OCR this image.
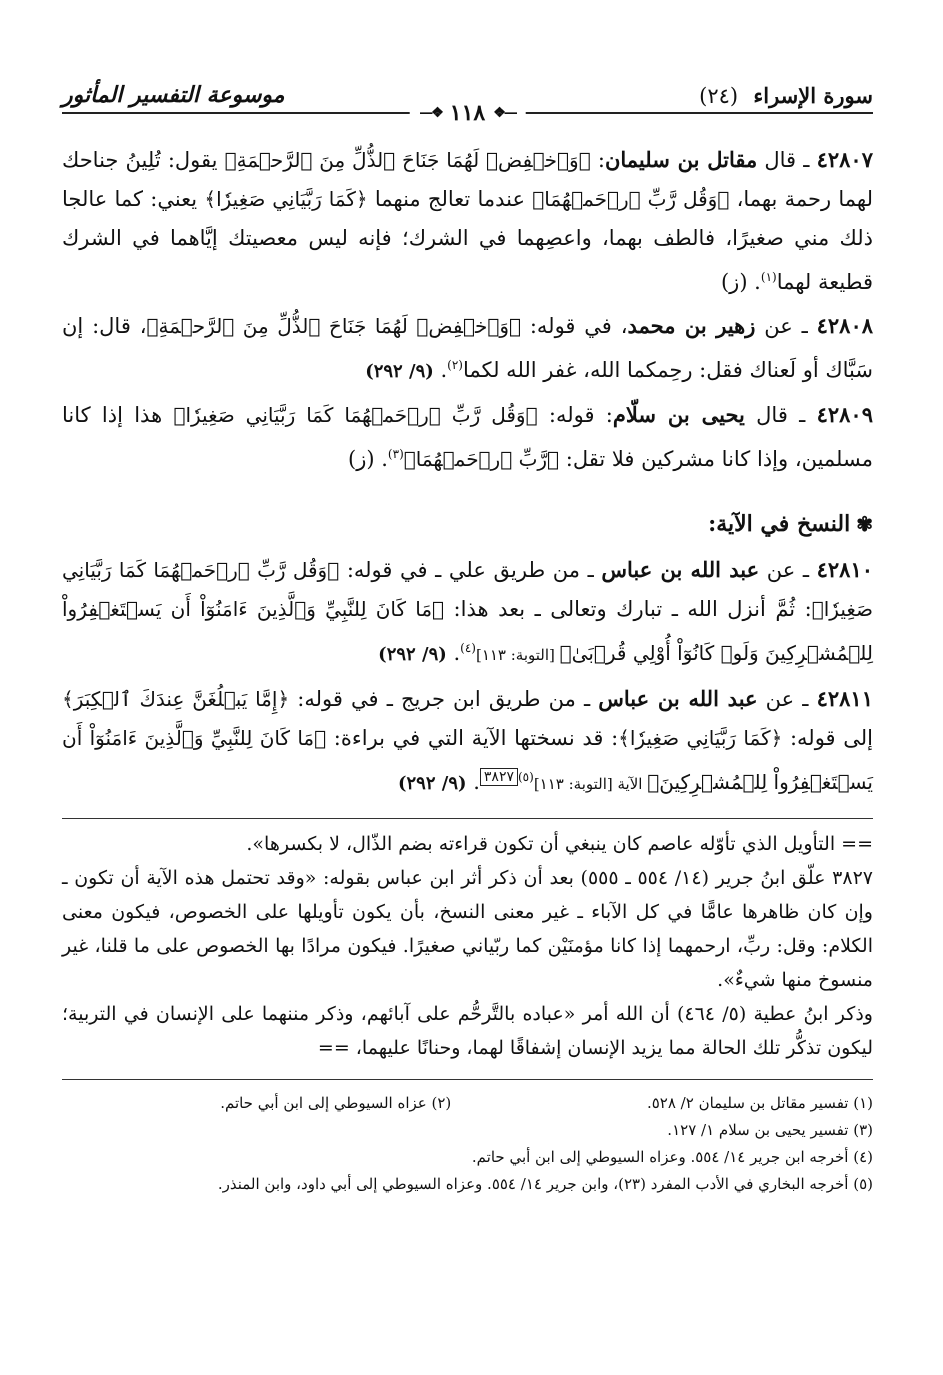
سورة الإسراء (٢٤)
—❖
١١٨
❖—
موسوعة التفسير المأثور

٤٢٨٠٧ ـ قال مقاتل بن سليمان: ﴿وَٱخۡفِضۡ لَهُمَا جَنَاحَ ٱلذُّلِّ مِنَ ٱلرَّحۡمَةِ﴾ يقول: تُلِينُ جناحك لهما رحمة بهما، ﴿وَقُل رَّبِّ ٱرۡحَمۡهُمَا﴾ عندما تعالج منهما ﴿كَمَا رَبَّيَانِي صَغِيرٗا﴾ يعني: كما عالجا ذلك مني صغيرًا، فالطف بهما، واعصِهما في الشرك؛ فإنه ليس معصيتك إيَّاهما في الشرك قطيعة لهما$^{(١)}$. (ز)

٤٢٨٠٨ ـ عن زهير بن محمد، في قوله: ﴿وَٱخۡفِضۡ لَهُمَا جَنَاحَ ٱلذُّلِّ مِنَ ٱلرَّحۡمَةِ﴾، قال: إن سَبَّاك أو لَعناك فقل: رحِمكما الله، غفر الله لكما$^{(٢)}$. (٩/ ٢٩٢)

٤٢٨٠٩ ـ قال يحيى بن سلّام: قوله: ﴿وَقُل رَّبِّ ٱرۡحَمۡهُمَا كَمَا رَبَّيَانِي صَغِيرٗا﴾ هذا إذا كانا مسلمين، وإذا كانا مشركين فلا تقل: ﴿رَّبِّ ٱرۡحَمۡهُمَا﴾$^{(٣)}$. (ز)

✾النسخ في الآية:

٤٢٨١٠ ـ عن عبد الله بن عباس ـ من طريق علي ـ في قوله: ﴿وَقُل رَّبِّ ٱرۡحَمۡهُمَا كَمَا رَبَّيَانِي صَغِيرٗا﴾: ثُمَّ أنزل الله ـ تبارك وتعالى ـ بعد هذا: ﴿مَا كَانَ لِلنَّبِيِّ وَٱلَّذِينَ ءَامَنُوٓاْ أَن يَسۡتَغۡفِرُواْ لِلۡمُشۡرِكِينَ وَلَوۡ كَانُوٓاْ أُوْلِي قُرۡبَىٰ﴾ [التوبة: ١١٣]$^{(٤)}$. (٩/ ٢٩٢)

٤٢٨١١ ـ عن عبد الله بن عباس ـ من طريق ابن جريج ـ في قوله: ﴿إِمَّا يَبۡلُغَنَّ عِندَكَ ٱلۡكِبَرَ﴾ إلى قوله: ﴿كَمَا رَبَّيَانِي صَغِيرٗا﴾: قد نسختها الآية التي في براءة: ﴿مَا كَانَ لِلنَّبِيِّ وَٱلَّذِينَ ءَامَنُوٓاْ أَن يَسۡتَغۡفِرُواْ لِلۡمُشۡرِكِينَ﴾ الآية [التوبة: ١١٣]$^{(٥)٣٨٢٧}$. (٩/ ٢٩٢)

== التأويل الذي تأوّله عاصم كان ينبغي أن تكون قراءته بضم الذّال، لا بكسرها».
٣٨٢٧ علّق ابنُ جرير (١٤/ ٥٥٤ ـ ٥٥٥) بعد أن ذكر أثر ابن عباس بقوله: «وقد تحتمل هذه الآية أن تكون ـ وإن كان ظاهرها عامًّا في كل الآباء ـ غير معنى النسخ، بأن يكون تأويلها على الخصوص، فيكون معنى الكلام: وقل: ربِّ، ارحمهما إذا كانا مؤمنَيْن كما ربّياني صغيرًا. فيكون مرادًا بها الخصوص على ما قلنا، غير منسوخ منها شيءٌ».
وذكر ابنُ عطية (٥/ ٤٦٤) أن الله أمر «عباده بالتَّرحُّم على آبائهم، وذكر مننهما على الإنسان في التربية؛ ليكون تذكُّر تلك الحالة مما يزيد الإنسان إشفاقًا لهما، وحنانًا عليهما، ==
(١) تفسير مقاتل بن سليمان ٢/ ٥٢٨.
(٢) عزاه السيوطي إلى ابن أبي حاتم.
(٣) تفسير يحيى بن سلام ١/ ١٢٧.
(٤) أخرجه ابن جرير ١٤/ ٥٥٤. وعزاه السيوطي إلى ابن أبي حاتم.
(٥) أخرجه البخاري في الأدب المفرد (٢٣)، وابن جرير ١٤/ ٥٥٤. وعزاه السيوطي إلى أبي داود، وابن المنذر.
